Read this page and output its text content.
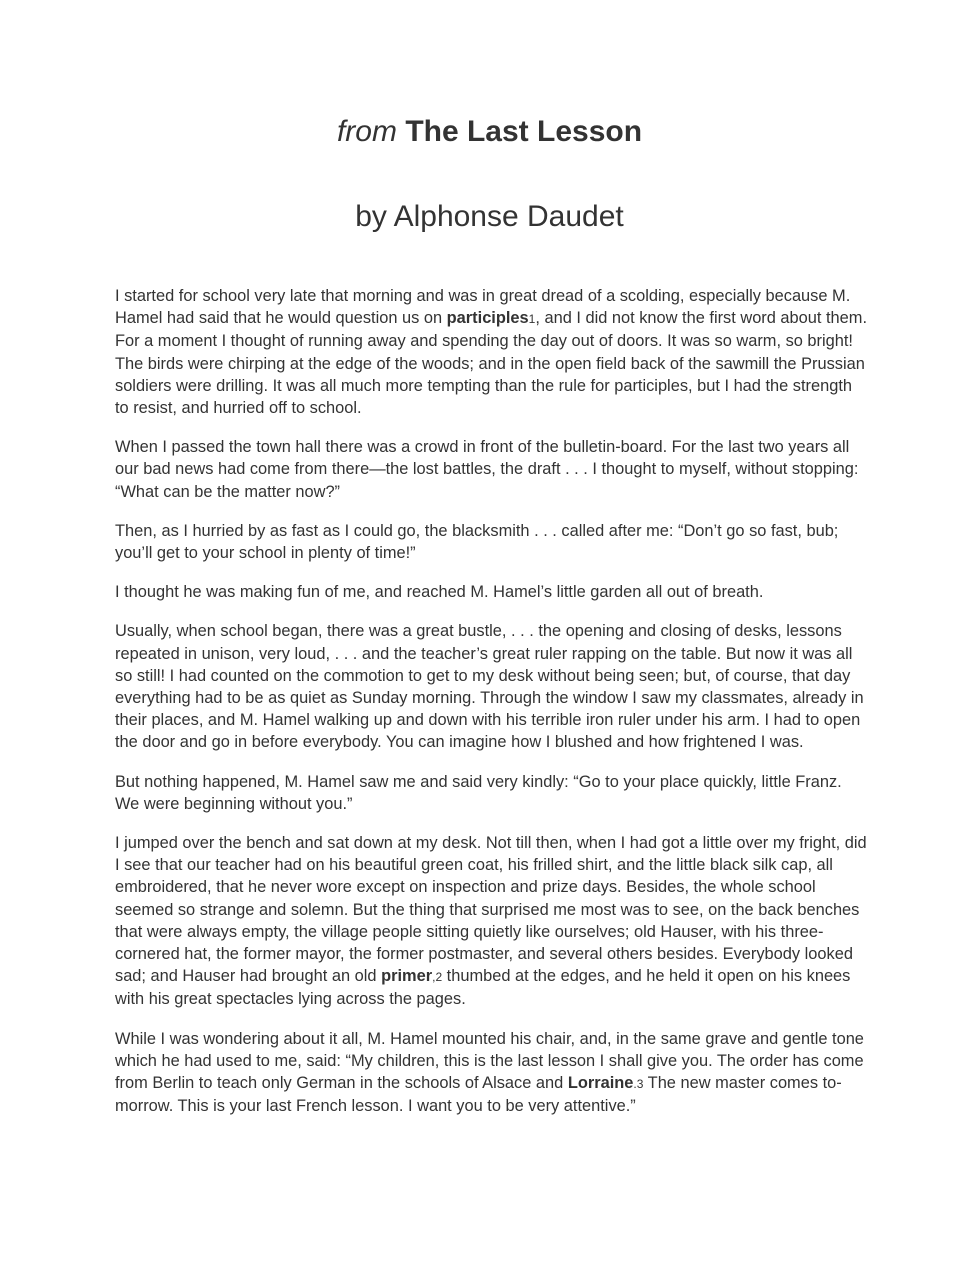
from The Last Lesson
by Alphonse Daudet

I started for school very late that morning and was in great dread of a scolding, especially because M. Hamel had said that he would question us on participles1, and I did not know the first word about them. For a moment I thought of running away and spending the day out of doors. It was so warm, so bright! The birds were chirping at the edge of the woods; and in the open field back of the sawmill the Prussian soldiers were drilling. It was all much more tempting than the rule for participles, but I had the strength to resist, and hurried off to school.

When I passed the town hall there was a crowd in front of the bulletin-board. For the last two years all our bad news had come from there—the lost battles, the draft . . . I thought to myself, without stopping: “What can be the matter now?”

Then, as I hurried by as fast as I could go, the blacksmith . . . called after me: “Don’t go so fast, bub; you’ll get to your school in plenty of time!”

I thought he was making fun of me, and reached M. Hamel’s little garden all out of breath.

Usually, when school began, there was a great bustle, . . . the opening and closing of desks, lessons repeated in unison, very loud, . . . and the teacher’s great ruler rapping on the table. But now it was all so still! I had counted on the commotion to get to my desk without being seen; but, of course, that day everything had to be as quiet as Sunday morning. Through the window I saw my classmates, already in their places, and M. Hamel walking up and down with his terrible iron ruler under his arm. I had to open the door and go in before everybody. You can imagine how I blushed and how frightened I was.

But nothing happened, M. Hamel saw me and said very kindly: “Go to your place quickly, little Franz. We were beginning without you.”

I jumped over the bench and sat down at my desk. Not till then, when I had got a little over my fright, did I see that our teacher had on his beautiful green coat, his frilled shirt, and the little black silk cap, all embroidered, that he never wore except on inspection and prize days. Besides, the whole school seemed so strange and solemn. But the thing that surprised me most was to see, on the back benches that were always empty, the village people sitting quietly like ourselves; old Hauser, with his three-cornered hat, the former mayor, the former postmaster, and several others besides. Everybody looked sad; and Hauser had brought an old primer,2 thumbed at the edges, and he held it open on his knees with his great spectacles lying across the pages.

While I was wondering about it all, M. Hamel mounted his chair, and, in the same grave and gentle tone which he had used to me, said: “My children, this is the last lesson I shall give you. The order has come from Berlin to teach only German in the schools of Alsace and Lorraine.3 The new master comes to-morrow. This is your last French lesson. I want you to be very attentive.”
